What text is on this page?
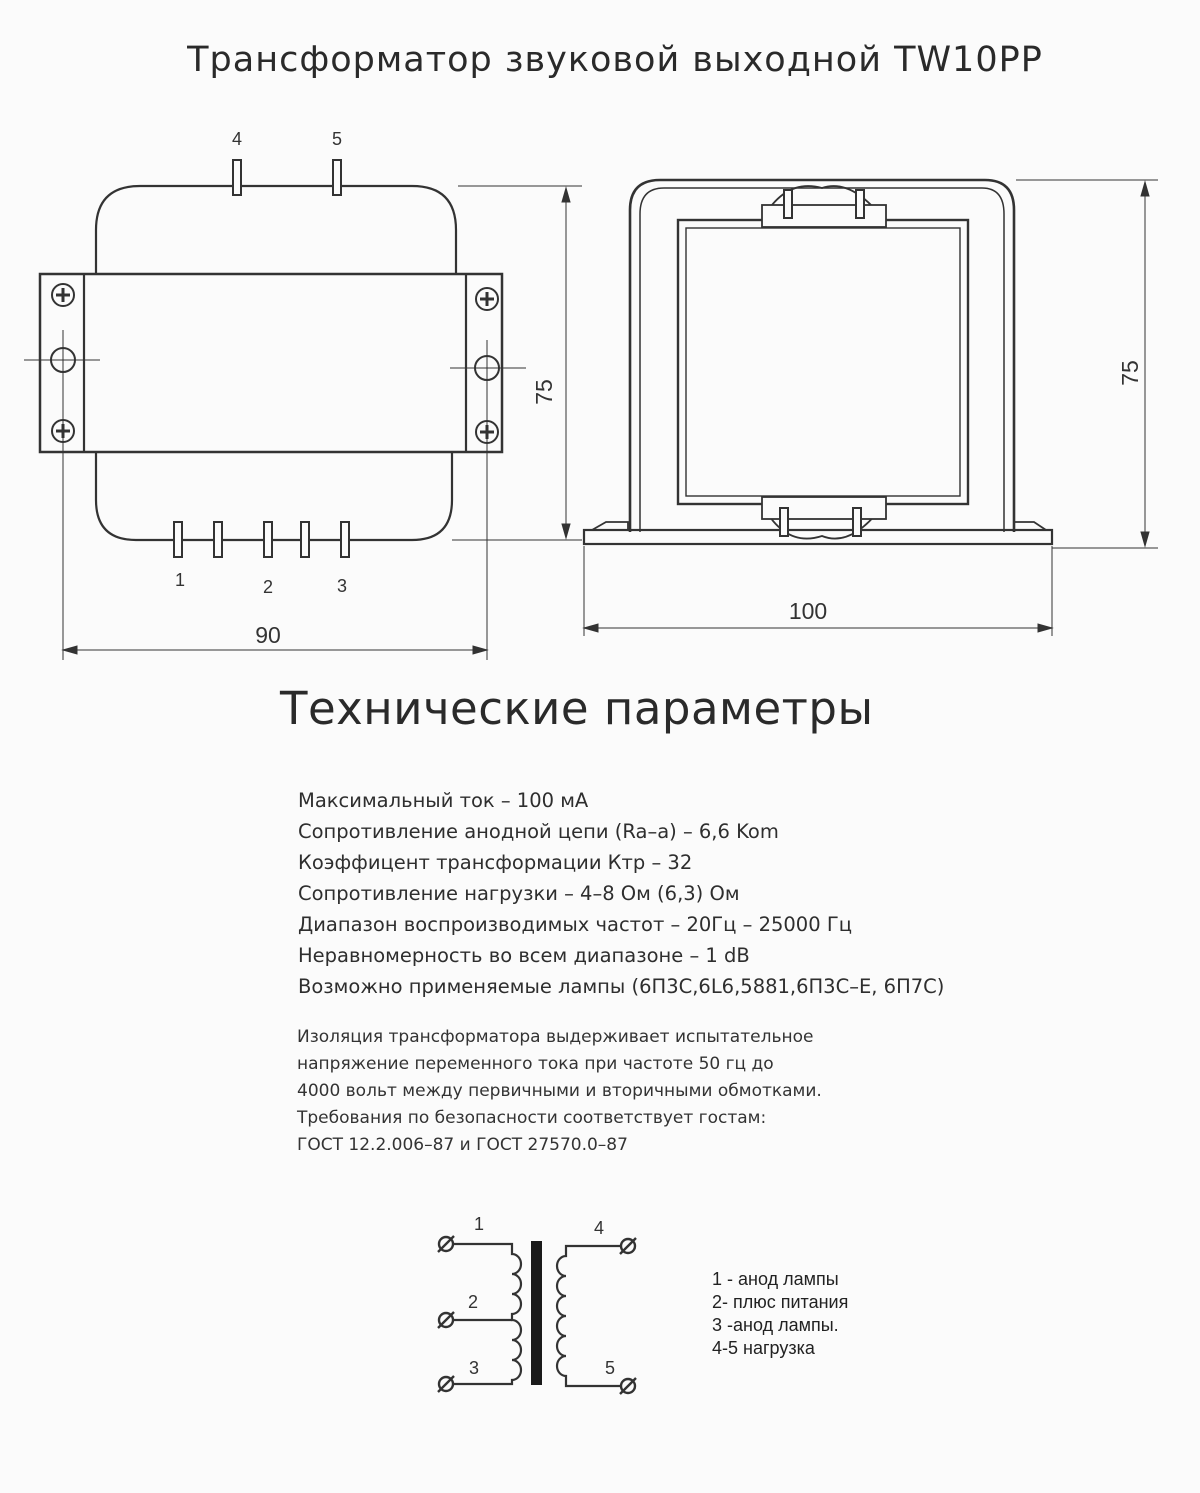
Трансформатор звуковой выходной TW10PP
4	5
1	2	3
75
90
75
100
1
2
3
4
5
Технические параметры
Максимальный ток – 100 мА
Сопротивление анодной цепи (Ra–a) – 6,6 Kom
Коэффицент трансформации Ктр – 32
Сопротивление нагрузки – 4–8 Ом (6,3) Ом
Диапазон воспроизводимых частот – 20Гц – 25000 Гц
Неравномерность во всем диапазоне – 1 dB
Возможно применяемые лампы (6П3С,6L6,5881,6П3С–Е, 6П7С)
Изоляция трансформатора выдерживает испытательное
напряжение переменного тока при частоте 50 гц до
4000 вольт между первичными и вторичными обмотками.
Требования по безопасности соответствует гостам:
ГОСТ 12.2.006–87 и ГОСТ 27570.0–87
1 - анод лампы
2- плюс питания
3 -анод лампы.
4-5 нагрузка
